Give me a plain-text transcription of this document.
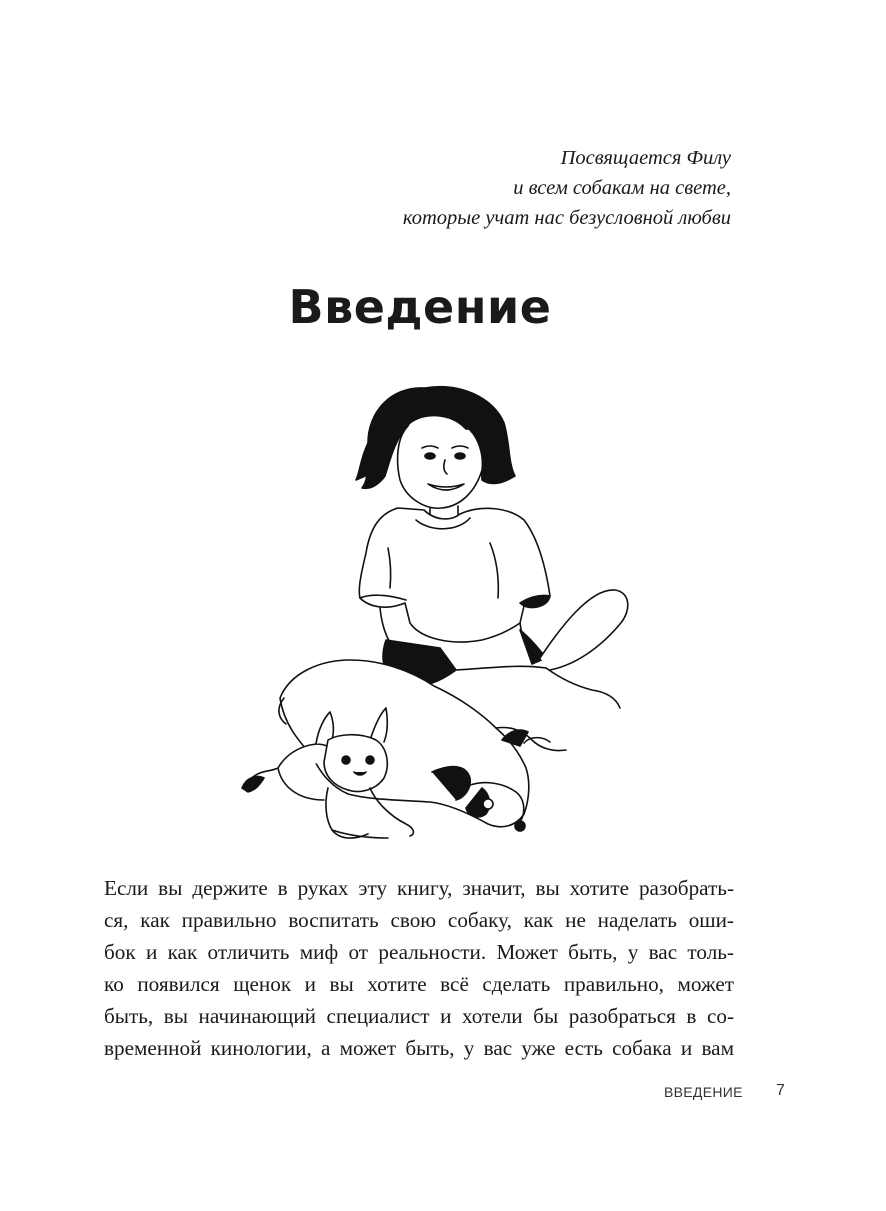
Посвящается Филу
и всем собакам на свете,
которые учат нас безусловной любви
Введение
Если вы держите в руках эту книгу, значит, вы хотите разобрать-
ся, как правильно воспитать свою собаку, как не наделать оши-
бок и как отличить миф от реальности. Может быть, у вас толь-
ко появился щенок и вы хотите всё сделать правильно, может
быть, вы начинающий специалист и хотели бы разобраться в со-
временной кинологии, а может быть, у вас уже есть собака и вам
ВВЕДЕНИЕ 7
